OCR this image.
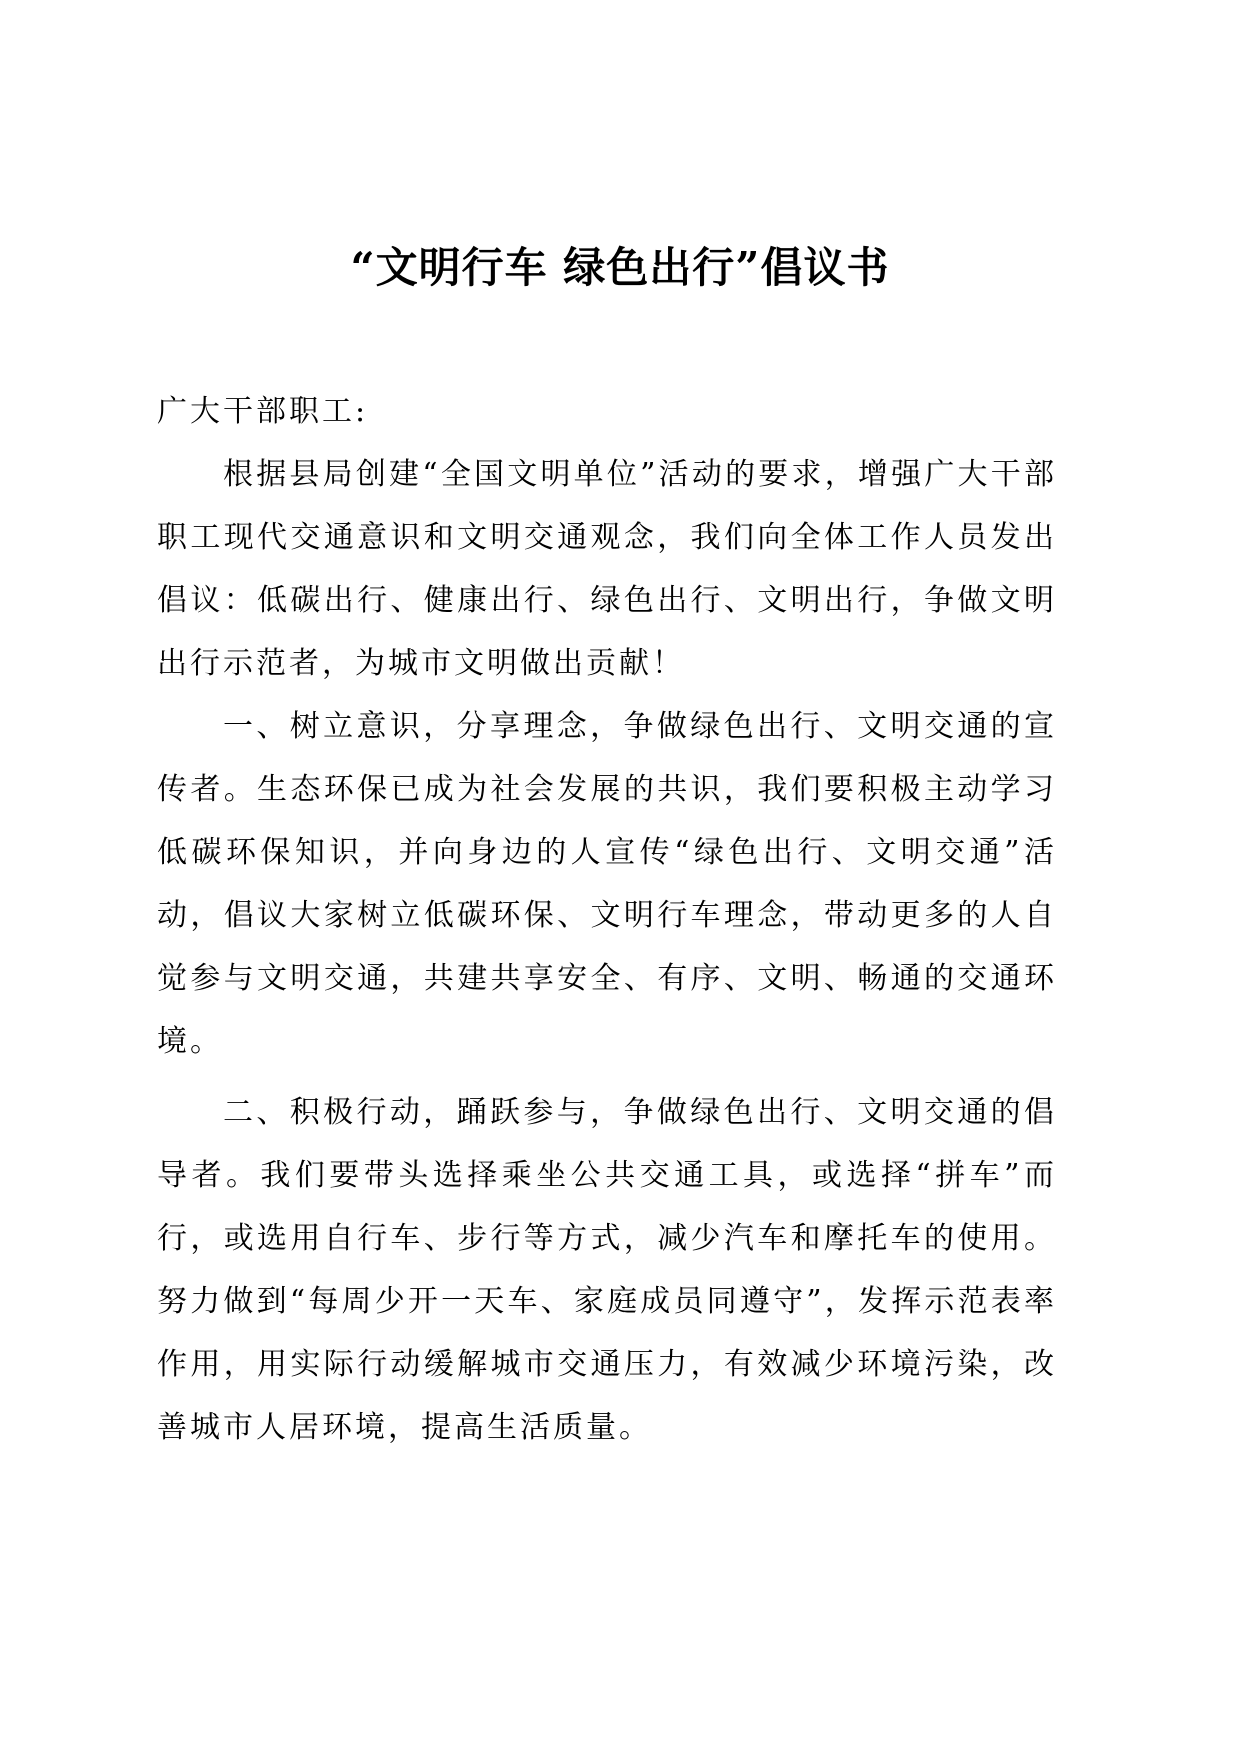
“文明行车 绿色出行”倡议书

广大干部职工:

根据县局创建“全国文明单位”活动的要求，增强广大干部职工现代交通意识和文明交通观念，我们向全体工作人员发出倡议：低碳出行、健康出行、绿色出行、文明出行，争做文明出行示范者，为城市文明做出贡献！

一、树立意识，分享理念，争做绿色出行、文明交通的宣传者。生态环保已成为社会发展的共识，我们要积极主动学习低碳环保知识，并向身边的人宣传“绿色出行、文明交通”活动，倡议大家树立低碳环保、文明行车理念，带动更多的人自觉参与文明交通，共建共享安全、有序、文明、畅通的交通环境。

二、积极行动，踊跃参与，争做绿色出行、文明交通的倡导者。我们要带头选择乘坐公共交通工具，或选择“拼车”而行，或选用自行车、步行等方式，减少汽车和摩托车的使用。努力做到“每周少开一天车、家庭成员同遵守”，发挥示范表率作用，用实际行动缓解城市交通压力，有效减少环境污染，改善城市人居环境，提高生活质量。
